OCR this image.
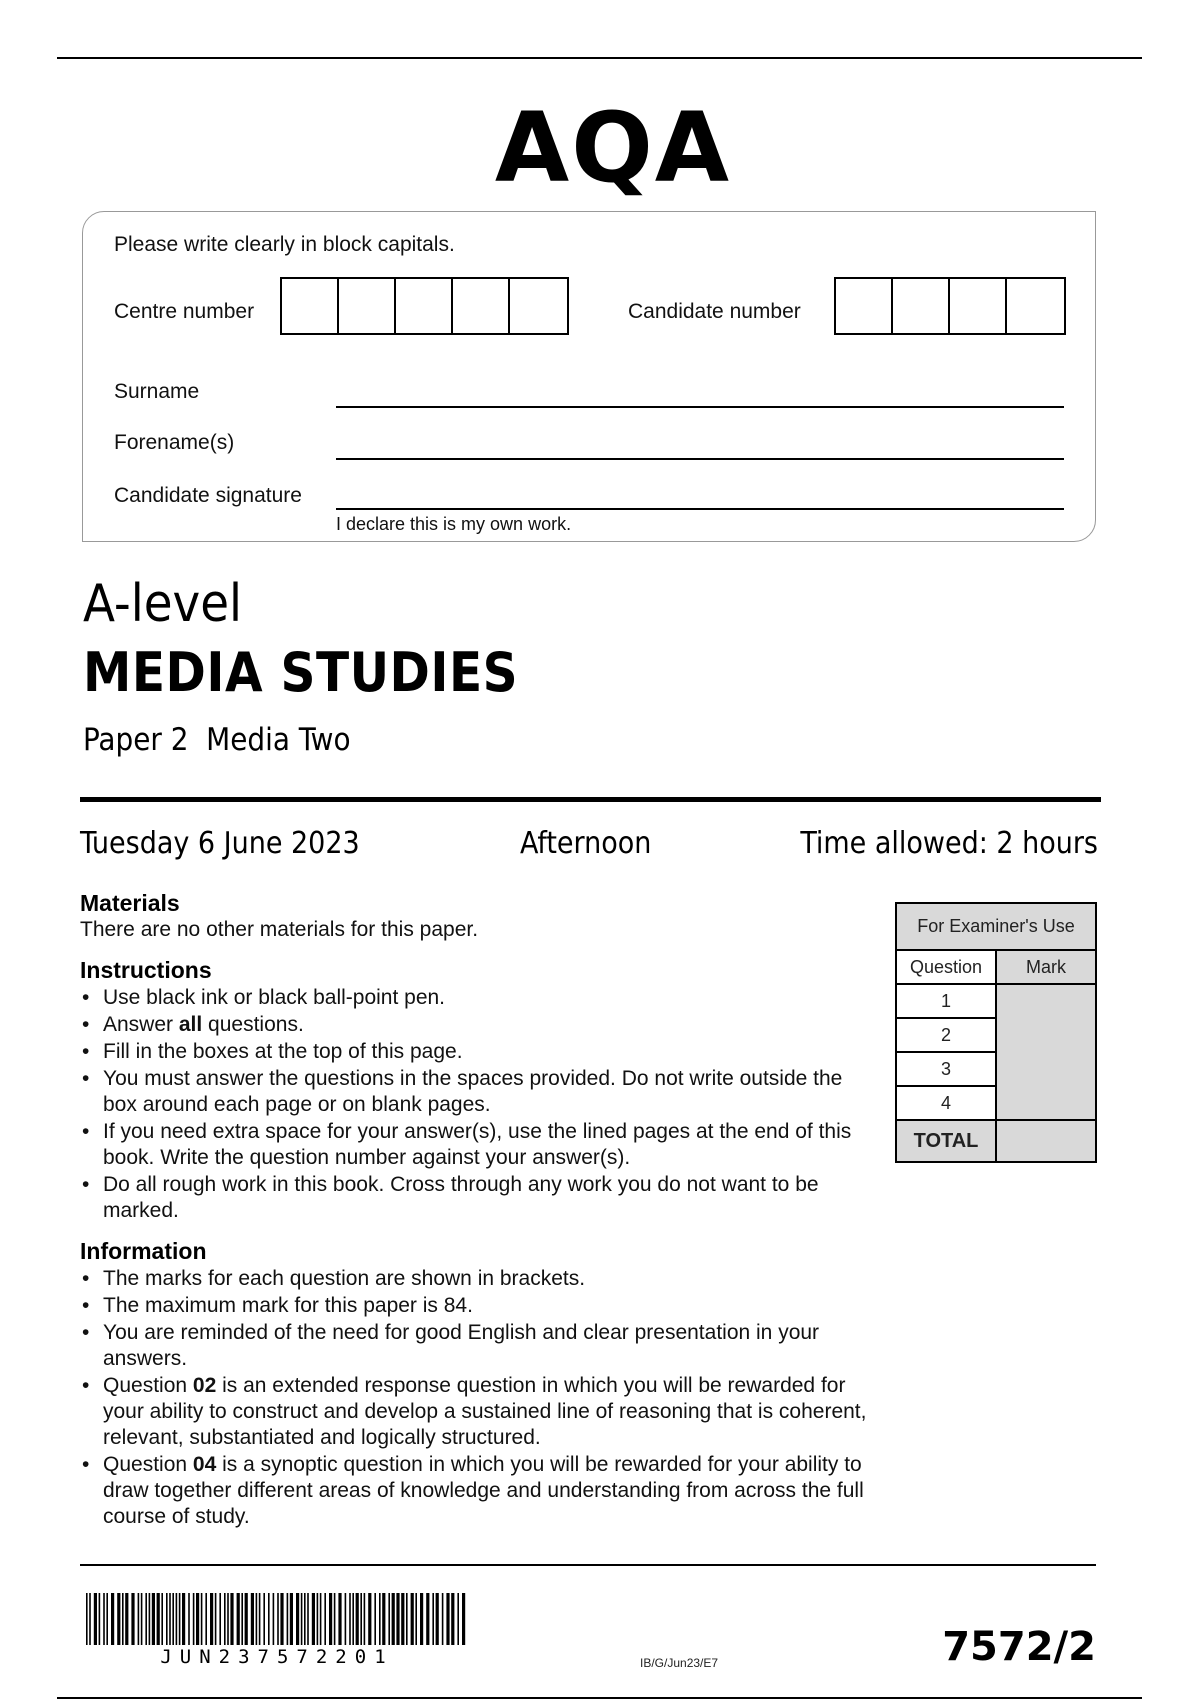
AQA
Please write clearly in block capitals.
Centre number	Candidate number
Surname
Forename(s)
Candidate signature
I declare this is my own work.
A-level
MEDIA STUDIES
Paper 2  Media Two
Tuesday 6 June 2023	Afternoon	Time allowed: 2 hours
Materials
There are no other materials for this paper.
Instructions
• Use black ink or black ball-point pen.
• Answer all questions.
• Fill in the boxes at the top of this page.
• You must answer the questions in the spaces provided. Do not write outside the box around each page or on blank pages.
• If you need extra space for your answer(s), use the lined pages at the end of this book. Write the question number against your answer(s).
• Do all rough work in this book. Cross through any work you do not want to be marked.
Information
• The marks for each question are shown in brackets.
• The maximum mark for this paper is 84.
• You are reminded of the need for good English and clear presentation in your answers.
• Question 02 is an extended response question in which you will be rewarded for your ability to construct and develop a sustained line of reasoning that is coherent, relevant, substantiated and logically structured.
• Question 04 is a synoptic question in which you will be rewarded for your ability to draw together different areas of knowledge and understanding from across the full course of study.
For Examiner's Use	
Question	Mark
1	
2	
3	
4	
TOTAL	
JUN237572201	IB/G/Jun23/E7	7572/2
